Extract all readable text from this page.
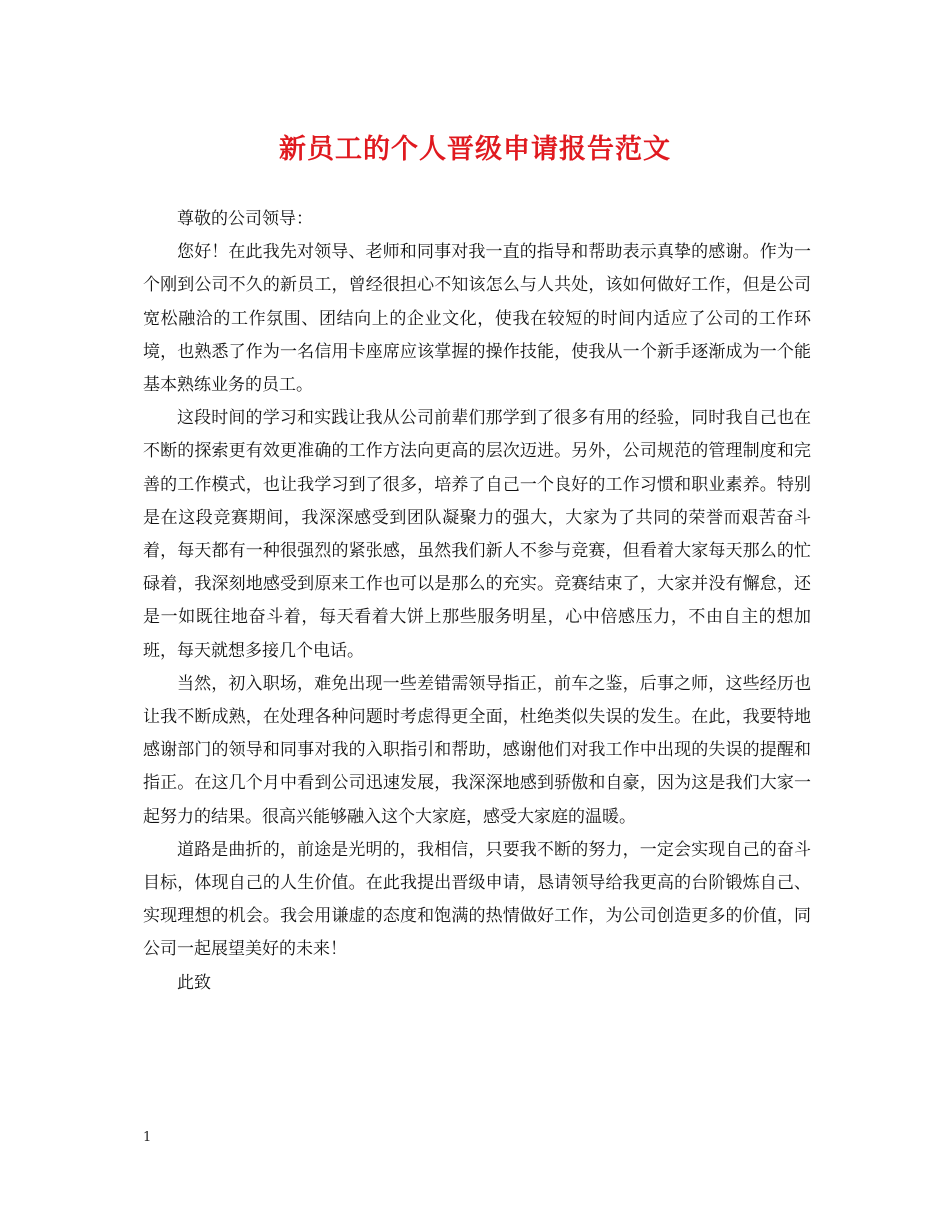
新员工的个人晋级申请报告范文

尊敬的公司领导：

您好！在此我先对领导、老师和同事对我一直的指导和帮助表示真挚的感谢。作为一个刚到公司不久的新员工，曾经很担心不知该怎么与人共处，该如何做好工作，但是公司宽松融洽的工作氛围、团结向上的企业文化，使我在较短的时间内适应了公司的工作环境，也熟悉了作为一名信用卡座席应该掌握的操作技能，使我从一个新手逐渐成为一个能基本熟练业务的员工。

这段时间的学习和实践让我从公司前辈们那学到了很多有用的经验，同时我自己也在不断的探索更有效更准确的工作方法向更高的层次迈进。另外，公司规范的管理制度和完善的工作模式，也让我学习到了很多，培养了自己一个良好的工作习惯和职业素养。特别是在这段竞赛期间，我深深感受到团队凝聚力的强大，大家为了共同的荣誉而艰苦奋斗着，每天都有一种很强烈的紧张感，虽然我们新人不参与竞赛，但看着大家每天那么的忙碌着，我深刻地感受到原来工作也可以是那么的充实。竞赛结束了，大家并没有懈怠，还是一如既往地奋斗着，每天看着大饼上那些服务明星，心中倍感压力，不由自主的想加班，每天就想多接几个电话。

当然，初入职场，难免出现一些差错需领导指正，前车之鉴，后事之师，这些经历也让我不断成熟，在处理各种问题时考虑得更全面，杜绝类似失误的发生。在此，我要特地感谢部门的领导和同事对我的入职指引和帮助，感谢他们对我工作中出现的失误的提醒和指正。在这几个月中看到公司迅速发展，我深深地感到骄傲和自豪，因为这是我们大家一起努力的结果。很高兴能够融入这个大家庭，感受大家庭的温暖。

道路是曲折的，前途是光明的，我相信，只要我不断的努力，一定会实现自己的奋斗目标，体现自己的人生价值。在此我提出晋级申请，恳请领导给我更高的台阶锻炼自己、实现理想的机会。我会用谦虚的态度和饱满的热情做好工作，为公司创造更多的价值，同公司一起展望美好的未来！

此致

1
